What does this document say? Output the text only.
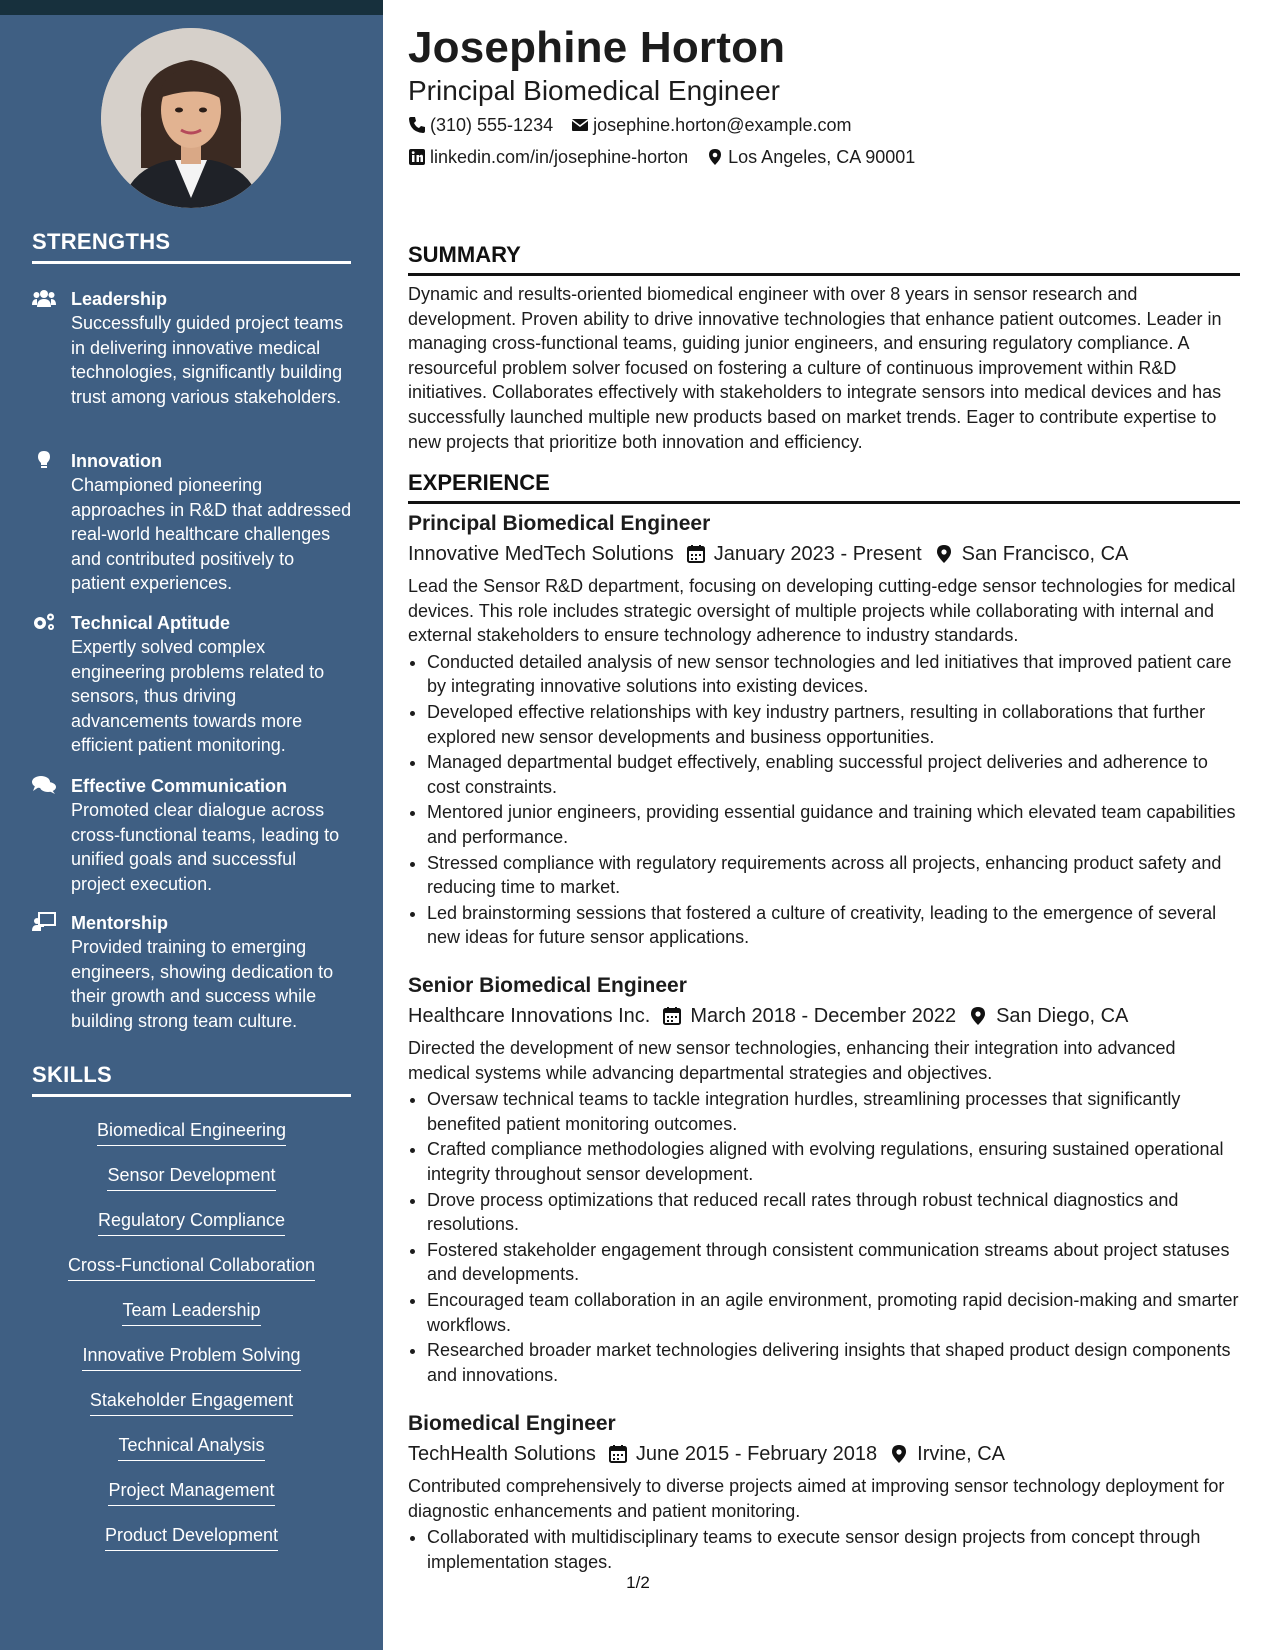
STRENGTHS
Leadership
Successfully guided project teams in delivering innovative medical technologies, significantly building trust among various stakeholders.
Innovation
Championed pioneering approaches in R&D that addressed real-world healthcare challenges and contributed positively to patient experiences.
Technical Aptitude
Expertly solved complex engineering problems related to sensors, thus driving advancements towards more efficient patient monitoring.
Effective Communication
Promoted clear dialogue across cross-functional teams, leading to unified goals and successful project execution.
Mentorship
Provided training to emerging engineers, showing dedication to their growth and success while building strong team culture.
SKILLS
Biomedical Engineering
Sensor Development
Regulatory Compliance
Cross-Functional Collaboration
Team Leadership
Innovative Problem Solving
Stakeholder Engagement
Technical Analysis
Project Management
Product Development
Josephine Horton
Principal Biomedical Engineer
(310) 555-1234 josephine.horton@example.com
linkedin.com/in/josephine-horton Los Angeles, CA 90001
SUMMARY
Dynamic and results-oriented biomedical engineer with over 8 years in sensor research and development. Proven ability to drive innovative technologies that enhance patient outcomes. Leader in managing cross-functional teams, guiding junior engineers, and ensuring regulatory compliance. A resourceful problem solver focused on fostering a culture of continuous improvement within R&D initiatives. Collaborates effectively with stakeholders to integrate sensors into medical devices and has successfully launched multiple new products based on market trends. Eager to contribute expertise to new projects that prioritize both innovation and efficiency.
EXPERIENCE
Principal Biomedical Engineer
Innovative MedTech Solutions January 2023 - Present San Francisco, CA
Lead the Sensor R&D department, focusing on developing cutting-edge sensor technologies for medical devices. This role includes strategic oversight of multiple projects while collaborating with internal and external stakeholders to ensure technology adherence to industry standards.
• Conducted detailed analysis of new sensor technologies and led initiatives that improved patient care by integrating innovative solutions into existing devices.
• Developed effective relationships with key industry partners, resulting in collaborations that further explored new sensor developments and business opportunities.
• Managed departmental budget effectively, enabling successful project deliveries and adherence to cost constraints.
• Mentored junior engineers, providing essential guidance and training which elevated team capabilities and performance.
• Stressed compliance with regulatory requirements across all projects, enhancing product safety and reducing time to market.
• Led brainstorming sessions that fostered a culture of creativity, leading to the emergence of several new ideas for future sensor applications.
Senior Biomedical Engineer
Healthcare Innovations Inc. March 2018 - December 2022 San Diego, CA
Directed the development of new sensor technologies, enhancing their integration into advanced medical systems while advancing departmental strategies and objectives.
• Oversaw technical teams to tackle integration hurdles, streamlining processes that significantly benefited patient monitoring outcomes.
• Crafted compliance methodologies aligned with evolving regulations, ensuring sustained operational integrity throughout sensor development.
• Drove process optimizations that reduced recall rates through robust technical diagnostics and resolutions.
• Fostered stakeholder engagement through consistent communication streams about project statuses and developments.
• Encouraged team collaboration in an agile environment, promoting rapid decision-making and smarter workflows.
• Researched broader market technologies delivering insights that shaped product design components and innovations.
Biomedical Engineer
TechHealth Solutions June 2015 - February 2018 Irvine, CA
Contributed comprehensively to diverse projects aimed at improving sensor technology deployment for diagnostic enhancements and patient monitoring.
• Collaborated with multidisciplinary teams to execute sensor design projects from concept through implementation stages.
1/2
